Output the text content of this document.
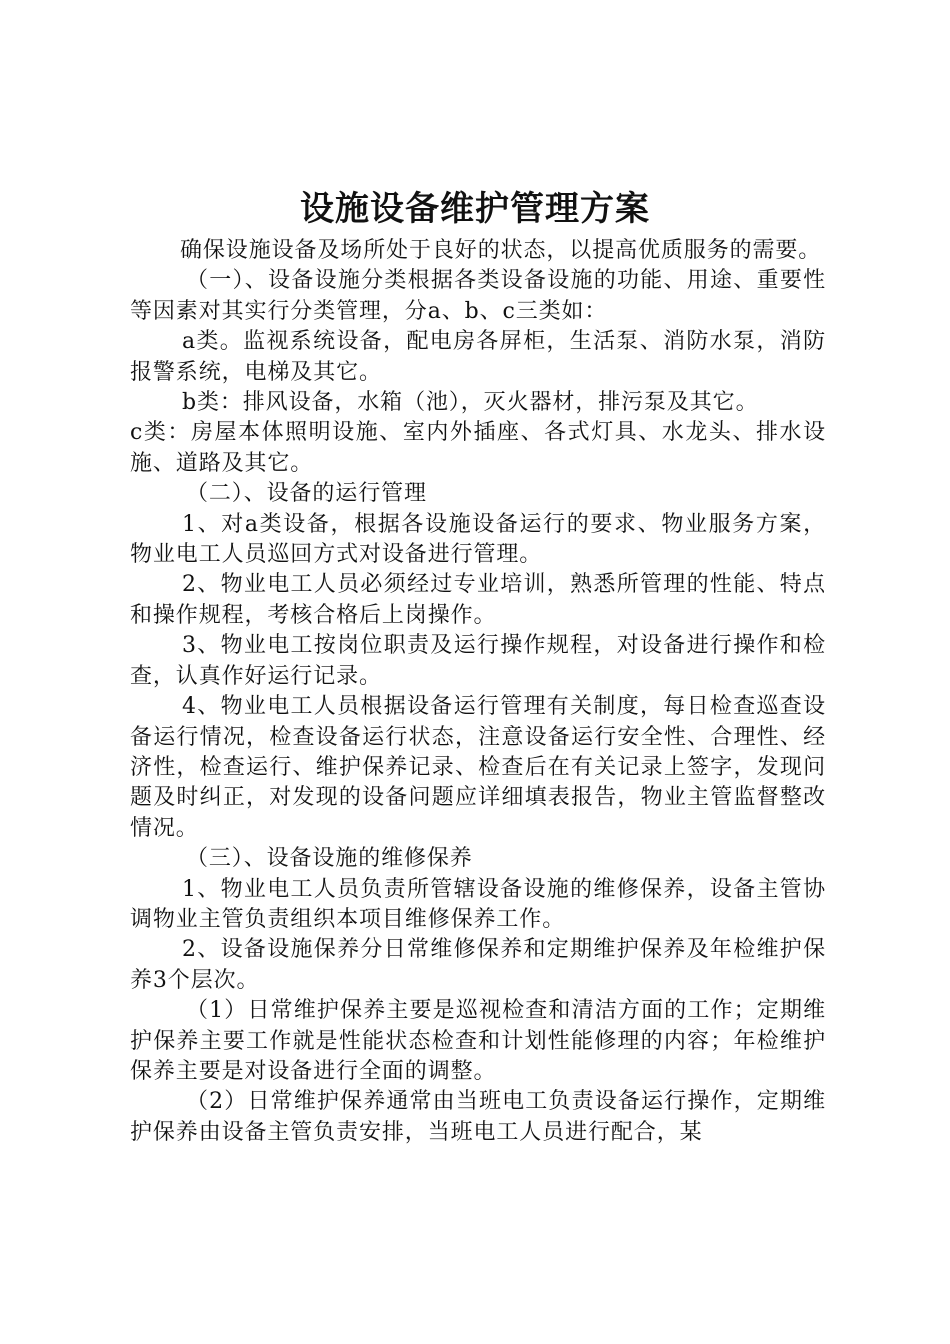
设施设备维护管理方案

确保设施设备及场所处于良好的状态，以提高优质服务的需要。

（一）、设备设施分类根据各类设备设施的功能、用途、重要性等因素对其实行分类管理，分a、b、c三类如：

a类。监视系统设备，配电房各屏柜，生活泵、消防水泵，消防报警系统，电梯及其它。

b类：排风设备，水箱（池），灭火器材，排污泵及其它。

c类：房屋本体照明设施、室内外插座、各式灯具、水龙头、排水设施、道路及其它。

（二）、设备的运行管理

1、对a类设备，根据各设施设备运行的要求、物业服务方案，物业电工人员巡回方式对设备进行管理。

2、物业电工人员必须经过专业培训，熟悉所管理的性能、特点和操作规程，考核合格后上岗操作。

3、物业电工按岗位职责及运行操作规程，对设备进行操作和检查，认真作好运行记录。

4、物业电工人员根据设备运行管理有关制度，每日检查巡查设备运行情况，检查设备运行状态，注意设备运行安全性、合理性、经济性，检查运行、维护保养记录、检查后在有关记录上签字，发现问题及时纠正，对发现的设备问题应详细填表报告，物业主管监督整改情况。

（三）、设备设施的维修保养

1、物业电工人员负责所管辖设备设施的维修保养，设备主管协调物业主管负责组织本项目维修保养工作。

2、设备设施保养分日常维修保养和定期维护保养及年检维护保养3个层次。

（1）日常维护保养主要是巡视检查和清洁方面的工作；定期维护保养主要工作就是性能状态检查和计划性能修理的内容；年检维护保养主要是对设备进行全面的调整。

（2）日常维护保养通常由当班电工负责设备运行操作，定期维护保养由设备主管负责安排，当班电工人员进行配合，某
